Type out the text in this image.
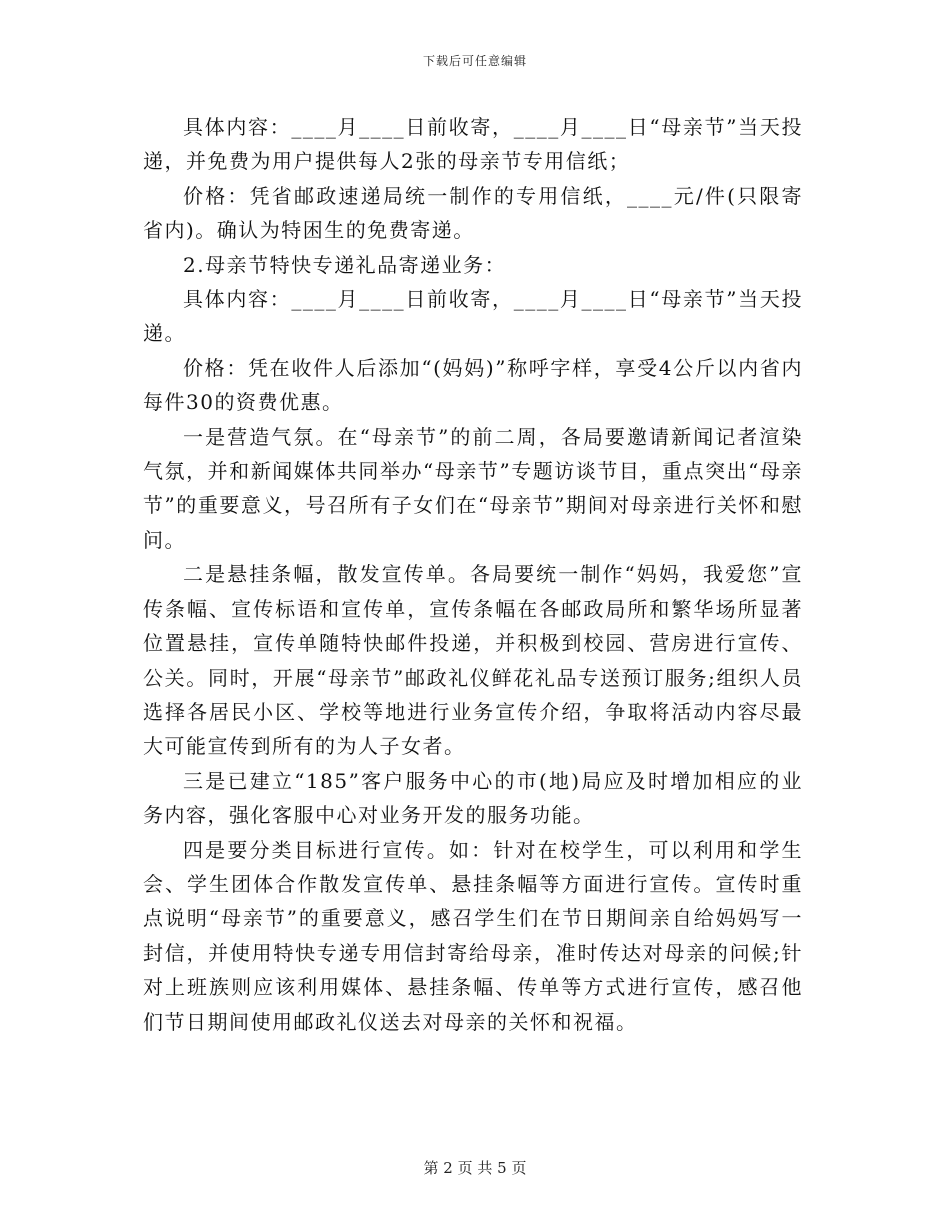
下载后可任意编辑

具体内容：____月____日前收寄，____月____日“母亲节”当天投递，并免费为用户提供每人2张的母亲节专用信纸；

价格：凭省邮政速递局统一制作的专用信纸，____元/件(只限寄省内)。确认为特困生的免费寄递。

2.母亲节特快专递礼品寄递业务：

具体内容：____月____日前收寄，____月____日“母亲节”当天投递。

价格：凭在收件人后添加“(妈妈)”称呼字样，享受4公斤以内省内每件30的资费优惠。

一是营造气氛。在“母亲节”的前二周，各局要邀请新闻记者渲染气氛，并和新闻媒体共同举办“母亲节”专题访谈节目，重点突出“母亲节”的重要意义，号召所有子女们在“母亲节”期间对母亲进行关怀和慰问。

二是悬挂条幅，散发宣传单。各局要统一制作“妈妈，我爱您”宣传条幅、宣传标语和宣传单，宣传条幅在各邮政局所和繁华场所显著位置悬挂，宣传单随特快邮件投递，并积极到校园、营房进行宣传、公关。同时，开展“母亲节”邮政礼仪鲜花礼品专送预订服务;组织人员选择各居民小区、学校等地进行业务宣传介绍，争取将活动内容尽最大可能宣传到所有的为人子女者。

三是已建立“185”客户服务中心的市(地)局应及时增加相应的业务内容，强化客服中心对业务开发的服务功能。

四是要分类目标进行宣传。如：针对在校学生，可以利用和学生会、学生团体合作散发宣传单、悬挂条幅等方面进行宣传。宣传时重点说明“母亲节”的重要意义，感召学生们在节日期间亲自给妈妈写一封信，并使用特快专递专用信封寄给母亲，准时传达对母亲的问候;针对上班族则应该利用媒体、悬挂条幅、传单等方式进行宣传，感召他们节日期间使用邮政礼仪送去对母亲的关怀和祝福。

第 2 页 共 5 页
